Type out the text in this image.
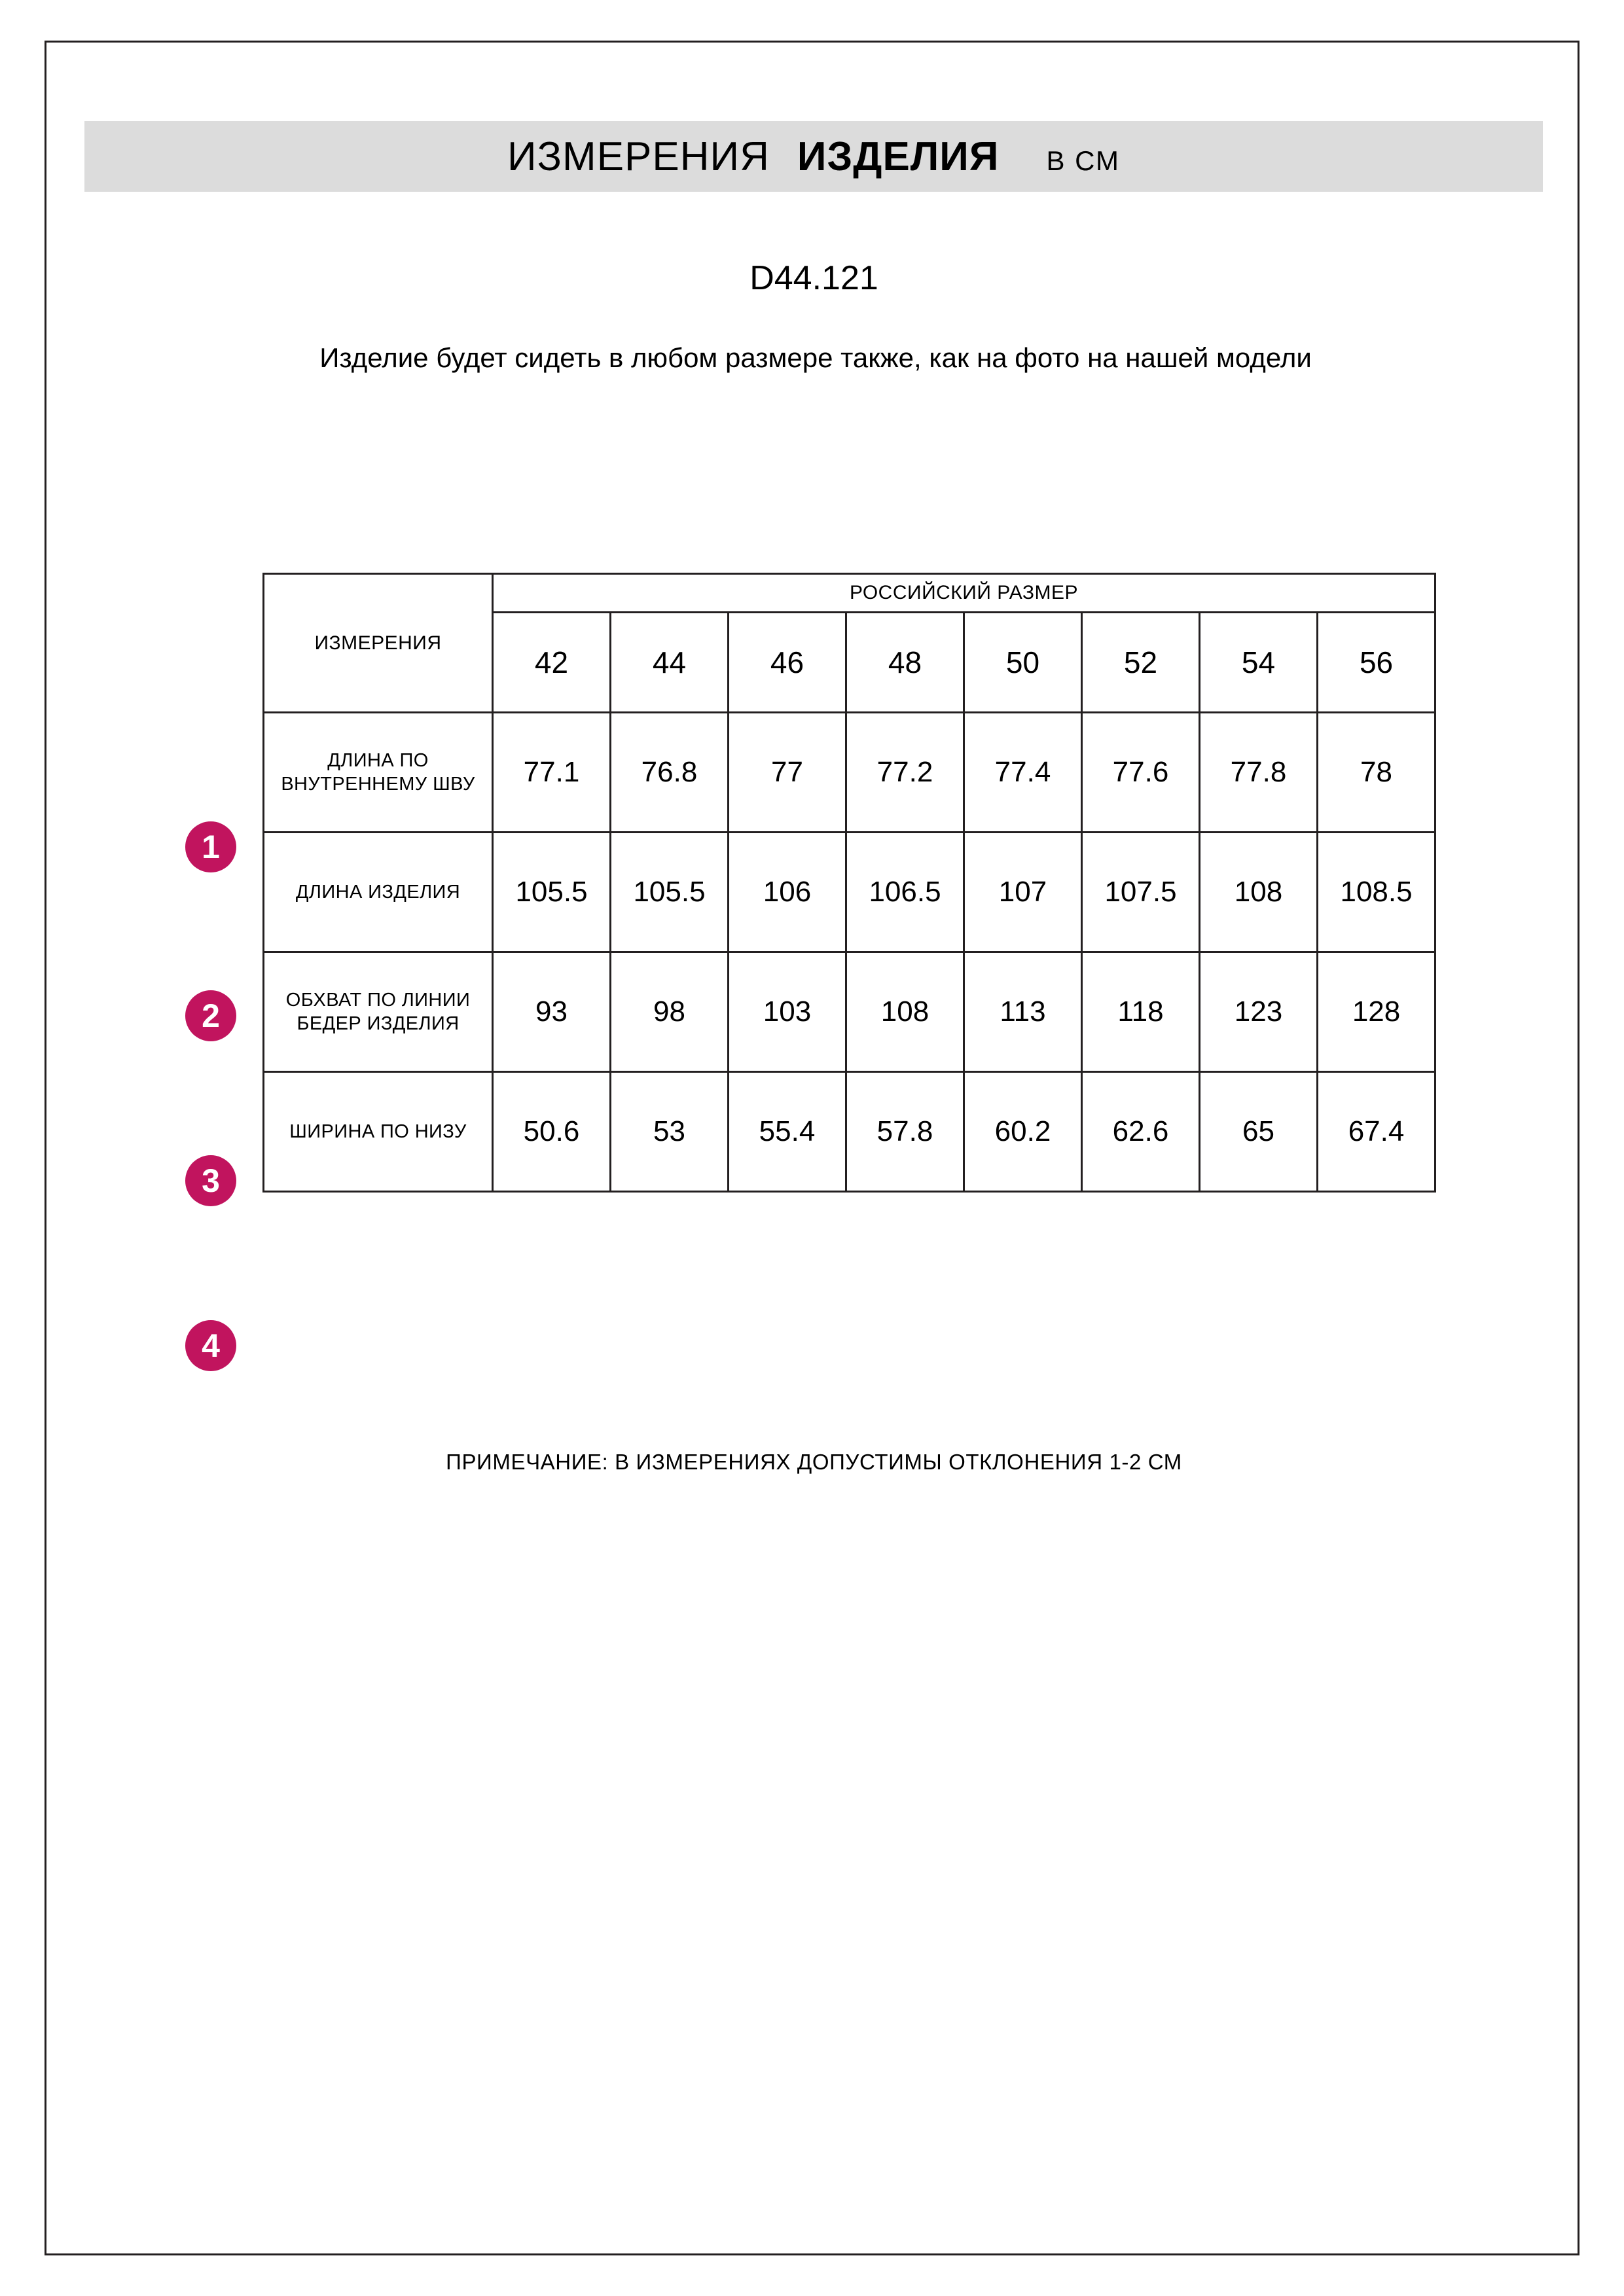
ИЗМЕРЕНИЯ ИЗДЕЛИЯ В СМ
D44.121
Изделие будет сидеть в любом размере также, как на фото на нашей модели
ИЗМЕРЕНИЯ	РОССИЙСКИЙ РАЗМЕР							
	42	44	46	48	50	52	54	56
ДЛИНА ПО ВНУТРЕННЕМУ ШВУ	77.1	76.8	77	77.2	77.4	77.6	77.8	78
ДЛИНА ИЗДЕЛИЯ	105.5	105.5	106	106.5	107	107.5	108	108.5
ОБХВАТ ПО ЛИНИИ БЕДЕР ИЗДЕЛИЯ	93	98	103	108	113	118	123	128
ШИРИНА ПО НИЗУ	50.6	53	55.4	57.8	60.2	62.6	65	67.4
1
2
3
4
ПРИМЕЧАНИЕ: В ИЗМЕРЕНИЯХ ДОПУСТИМЫ ОТКЛОНЕНИЯ 1-2 СМ
